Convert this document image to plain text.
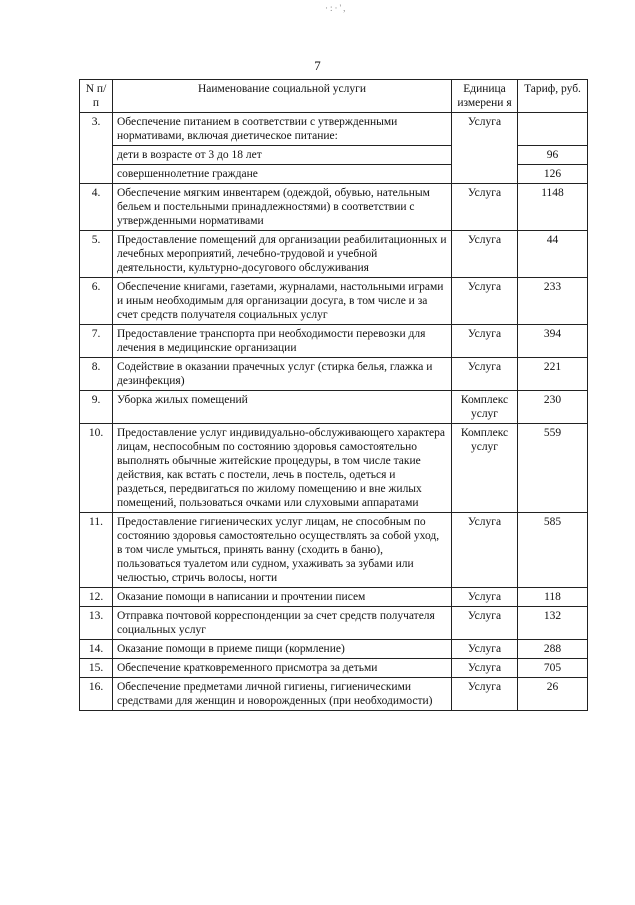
·:·',
7
N п/п	Наименование социальной услуги	Единица измерени я	Тариф, руб.
3.	Обеспечение питанием в соответствии с утвержденными нормативами, включая диетическое питание:	Услуга	
	дети в возрасте от 3 до 18 лет		96
	совершеннолетние граждане		126
4.	Обеспечение мягким инвентарем (одеждой, обувью, нательным бельем и постельными принадлежностями) в соответствии с утвержденными нормативами	Услуга	1148
5.	Предоставление помещений для организации реабилитационных и лечебных мероприятий, лечебно-трудовой и учебной деятельности, культурно-досугового обслуживания	Услуга	44
6.	Обеспечение книгами, газетами, журналами, настольными играми и иным необходимым для организации досуга, в том числе и за счет средств получателя социальных услуг	Услуга	233
7.	Предоставление транспорта при необходимости перевозки для лечения в медицинские организации	Услуга	394
8.	Содействие в оказании прачечных услуг (стирка белья, глажка и дезинфекция)	Услуга	221
9.	Уборка жилых помещений	Комплекс услуг	230
10.	Предоставление услуг индивидуально-обслуживающего характера лицам, неспособным по состоянию здоровья самостоятельно выполнять обычные житейские процедуры, в том числе такие действия, как встать с постели, лечь в постель, одеться и раздеться, передвигаться по жилому помещению и вне жилых помещений, пользоваться очками или слуховыми аппаратами	Комплекс услуг	559
11.	Предоставление гигиенических услуг лицам, не способным по состоянию здоровья самостоятельно осуществлять за собой уход, в том числе умыться, принять ванну (сходить в баню), пользоваться туалетом или судном, ухаживать за зубами или челюстью, стричь волосы, ногти	Услуга	585
12.	Оказание помощи в написании и прочтении писем	Услуга	118
13.	Отправка почтовой корреспонденции за счет средств получателя социальных услуг	Услуга	132
14.	Оказание помощи в приеме пищи (кормление)	Услуга	288
15.	Обеспечение кратковременного присмотра за детьми	Услуга	705
16.	Обеспечение предметами личной гигиены, гигиеническими средствами для женщин и новорожденных (при необходимости)	Услуга	26
